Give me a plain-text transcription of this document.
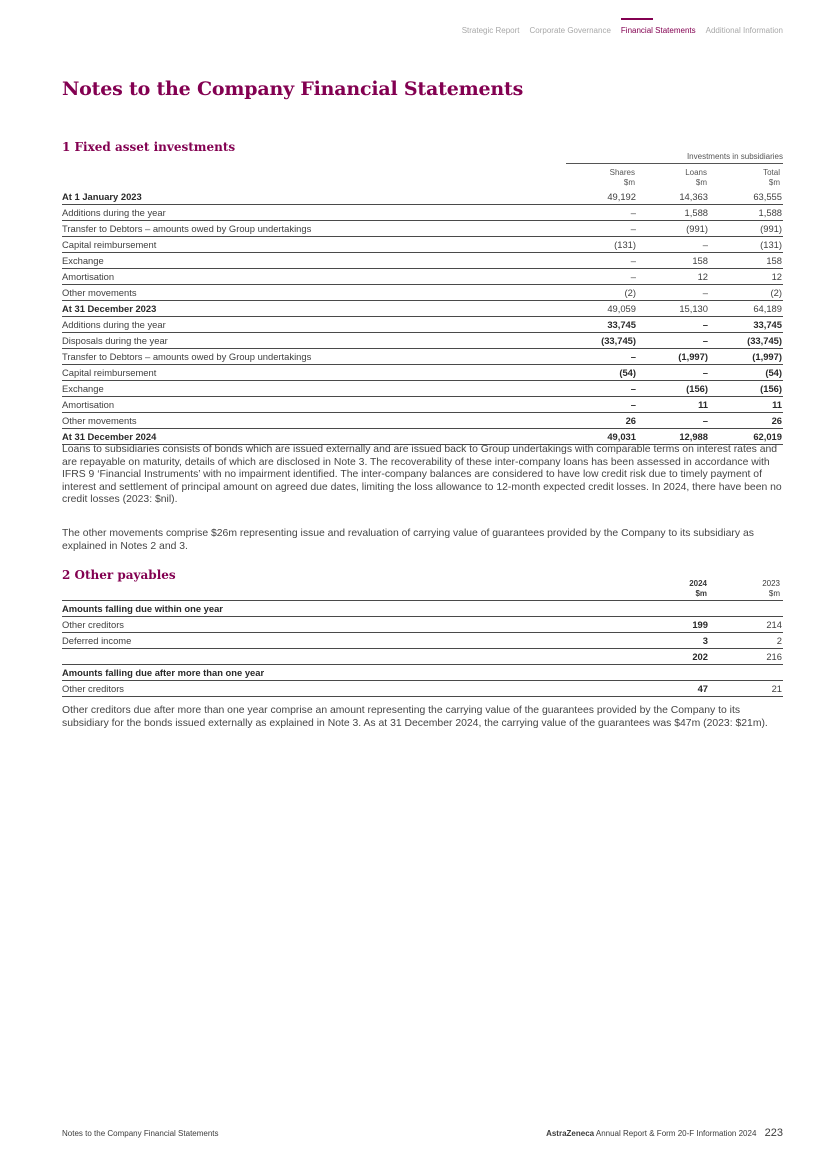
Strategic Report Corporate Governance Financial Statements Additional Information
Notes to the Company Financial Statements
1 Fixed asset investments
Investments in subsidiaries
Shares
$m
Loans
$m
Total
$m
At 1 January 2023	49,192	14,363	63,555
Additions during the year	–	1,588	1,588
Transfer to Debtors – amounts owed by Group undertakings	–	(991)	(991)
Capital reimbursement	(131)	–	(131)
Exchange	–	158	158
Amortisation	–	12	12
Other movements	(2)	–	(2)
At 31 December 2023	49,059	15,130	64,189
Additions during the year	33,745	–	33,745
Disposals during the year	(33,745)	–	(33,745)
Transfer to Debtors – amounts owed by Group undertakings	–	(1,997)	(1,997)
Capital reimbursement	(54)	–	(54)
Exchange	–	(156)	(156)
Amortisation	–	11	11
Other movements	26	–	26
At 31 December 2024	49,031	12,988	62,019

Loans to subsidiaries consists of bonds which are issued externally and are issued back to Group undertakings with comparable terms on interest rates and are repayable on maturity, details of which are disclosed in Note 3. The recoverability of these inter-company loans has been assessed in accordance with IFRS 9 ‘Financial Instruments’ with no impairment identified. The inter-company balances are considered to have low credit risk due to timely payment of interest and settlement of principal amount on agreed due dates, limiting the loss allowance to 12-month expected credit losses. In 2024, there have been no credit losses (2023: $nil).

The other movements comprise $26m representing issue and revaluation of carrying value of guarantees provided by the Company to its subsidiary as explained in Notes 2 and 3.

2 Other payables
2024
$m
2023
$m
Amounts falling due within one year		
Other creditors	199	214
Deferred income	3	2
	202	216
Amounts falling due after more than one year		
Other creditors	47	21

Other creditors due after more than one year comprise an amount representing the carrying value of the guarantees provided by the Company to its subsidiary for the bonds issued externally as explained in Note 3. As at 31 December 2024, the carrying value of the guarantees was $47m (2023: $21m).

Notes to the Company Financial Statements	AstraZeneca Annual Report & Form 20-F Information 2024 223
